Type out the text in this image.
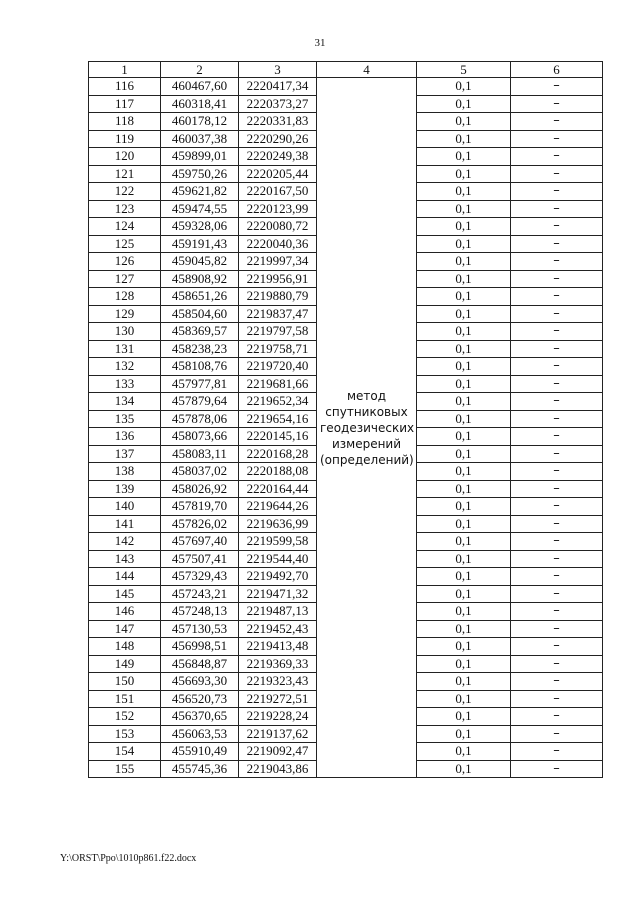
31
1	2	3	4	5	6
116	460467,60	2220417,34	метод
спутниковых
геодезических
измерений
(определений)	0,1	–
117	460318,41	2220373,27		0,1	–
118	460178,12	2220331,83		0,1	–
119	460037,38	2220290,26		0,1	–
120	459899,01	2220249,38		0,1	–
121	459750,26	2220205,44		0,1	–
122	459621,82	2220167,50		0,1	–
123	459474,55	2220123,99		0,1	–
124	459328,06	2220080,72		0,1	–
125	459191,43	2220040,36		0,1	–
126	459045,82	2219997,34		0,1	–
127	458908,92	2219956,91		0,1	–
128	458651,26	2219880,79		0,1	–
129	458504,60	2219837,47		0,1	–
130	458369,57	2219797,58		0,1	–
131	458238,23	2219758,71		0,1	–
132	458108,76	2219720,40		0,1	–
133	457977,81	2219681,66		0,1	–
134	457879,64	2219652,34		0,1	–
135	457878,06	2219654,16		0,1	–
136	458073,66	2220145,16		0,1	–
137	458083,11	2220168,28		0,1	–
138	458037,02	2220188,08		0,1	–
139	458026,92	2220164,44		0,1	–
140	457819,70	2219644,26		0,1	–
141	457826,02	2219636,99		0,1	–
142	457697,40	2219599,58		0,1	–
143	457507,41	2219544,40		0,1	–
144	457329,43	2219492,70		0,1	–
145	457243,21	2219471,32		0,1	–
146	457248,13	2219487,13		0,1	–
147	457130,53	2219452,43		0,1	–
148	456998,51	2219413,48		0,1	–
149	456848,87	2219369,33		0,1	–
150	456693,30	2219323,43		0,1	–
151	456520,73	2219272,51		0,1	–
152	456370,65	2219228,24		0,1	–
153	456063,53	2219137,62		0,1	–
154	455910,49	2219092,47		0,1	–
155	455745,36	2219043,86		0,1	–
Y:\ORST\Ppo\1010p861.f22.docx
